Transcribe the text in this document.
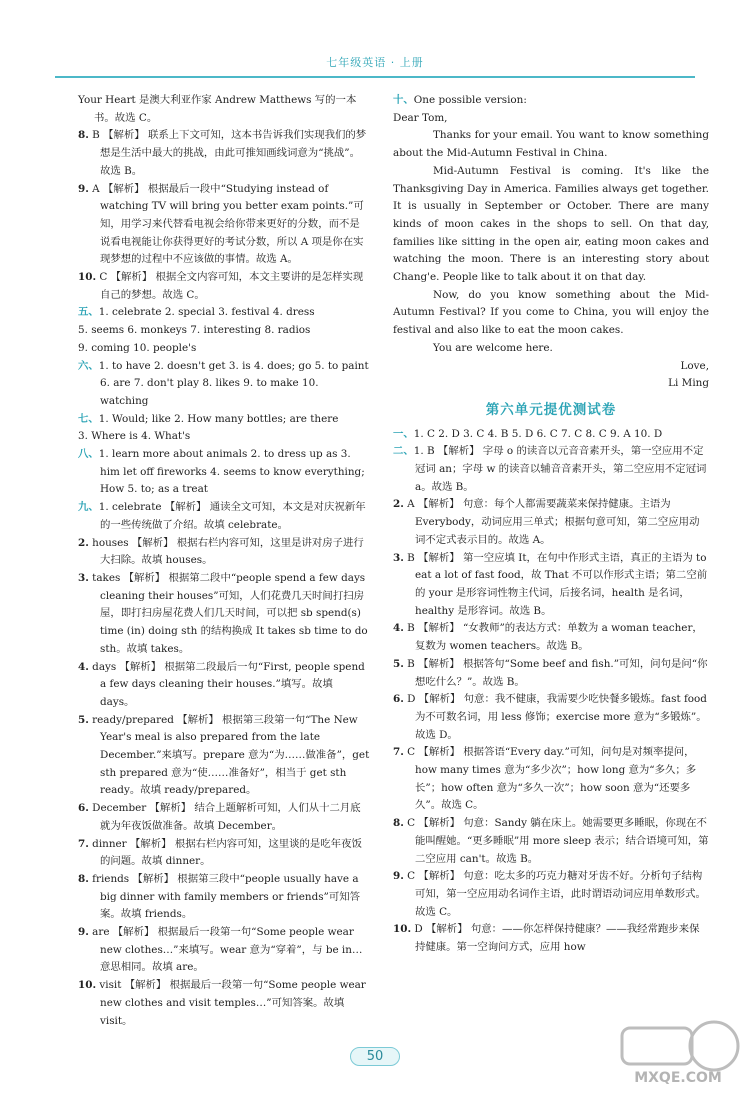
七年级英语 · 上册

Your Heart 是澳大利亚作家 Andrew Matthews 写的一本书。故选 C。

8. B 【解析】 联系上下文可知，这本书告诉我们实现我们的梦想是生活中最大的挑战，由此可推知画线词意为“挑战”。故选 B。

9. A 【解析】 根据最后一段中“Studying instead of watching TV will bring you better exam points.”可知，用学习来代替看电视会给你带来更好的分数，而不是说看电视能让你获得更好的考试分数，所以 A 项是你在实现梦想的过程中不应该做的事情。故选 A。

10. C 【解析】 根据全文内容可知，本文主要讲的是怎样实现自己的梦想。故选 C。

五、1. celebrate 2. special 3. festival 4. dress

5. seems 6. monkeys 7. interesting 8. radios

9. coming 10. people's

六、1. to have 2. doesn't get 3. is 4. does; go 5. to paint 6. are 7. don't play 8. likes 9. to make 10. watching

七、1. Would; like 2. How many bottles; are there

3. Where is 4. What's

八、1. learn more about animals 2. to dress up as 3. him let off fireworks 4. seems to know everything; How 5. to; as a treat

九、1. celebrate 【解析】 通读全文可知，本文是对庆祝新年的一些传统做了介绍。故填 celebrate。

2. houses 【解析】 根据右栏内容可知，这里是讲对房子进行大扫除。故填 houses。

3. takes 【解析】 根据第二段中“people spend a few days cleaning their houses”可知，人们花费几天时间打扫房屋，即打扫房屋花费人们几天时间，可以把 sb spend(s) time (in) doing sth 的结构换成 It takes sb time to do sth。故填 takes。

4. days 【解析】 根据第二段最后一句“First, people spend a few days cleaning their houses.”填写。故填 days。

5. ready/prepared 【解析】 根据第三段第一句“The New Year's meal is also prepared from the late December.”来填写。prepare 意为“为……做准备”，get sth prepared 意为“使……准备好”，相当于 get sth ready。故填 ready/prepared。

6. December 【解析】 结合上题解析可知，人们从十二月底就为年夜饭做准备。故填 December。

7. dinner 【解析】 根据右栏内容可知，这里谈的是吃年夜饭的问题。故填 dinner。

8. friends 【解析】 根据第三段中“people usually have a big dinner with family members or friends”可知答案。故填 friends。

9. are 【解析】 根据最后一段第一句“Some people wear new clothes…”来填写。wear 意为“穿着”，与 be in…意思相同。故填 are。

10. visit 【解析】 根据最后一段第一句“Some people wear new clothes and visit temples…”可知答案。故填 visit。

十、One possible version:

Dear Tom,

Thanks for your email. You want to know something about the Mid-Autumn Festival in China.

Mid-Autumn Festival is coming. It's like the Thanksgiving Day in America. Families always get together. It is usually in September or October. There are many kinds of moon cakes in the shops to sell. On that day, families like sitting in the open air, eating moon cakes and watching the moon. There is an interesting story about Chang'e. People like to talk about it on that day.

Now, do you know something about the Mid-Autumn Festival? If you come to China, you will enjoy the festival and also like to eat the moon cakes.

You are welcome here.

Love,

Li Ming

第六单元提优测试卷

一、1. C 2. D 3. C 4. B 5. D 6. C 7. C 8. C 9. A 10. D

二、1. B 【解析】 字母 o 的读音以元音音素开头，第一空应用不定冠词 an；字母 w 的读音以辅音音素开头，第二空应用不定冠词 a。故选 B。

2. A 【解析】 句意：每个人都需要蔬菜来保持健康。主语为 Everybody，动词应用三单式；根据句意可知，第二空应用动词不定式表示目的。故选 A。

3. B 【解析】 第一空应填 It，在句中作形式主语，真正的主语为 to eat a lot of fast food，故 That 不可以作形式主语；第二空前的 your 是形容词性物主代词，后接名词，health 是名词，healthy 是形容词。故选 B。

4. B 【解析】 “女教师”的表达方式：单数为 a woman teacher，复数为 women teachers。故选 B。

5. B 【解析】 根据答句“Some beef and fish.”可知，问句是问“你想吃什么？”。故选 B。

6. D 【解析】 句意：我不健康，我需要少吃快餐多锻炼。fast food 为不可数名词，用 less 修饰；exercise more 意为“多锻炼”。故选 D。

7. C 【解析】 根据答语“Every day.”可知，问句是对频率提问，how many times 意为“多少次”；how long 意为“多久；多长”；how often 意为“多久一次”；how soon 意为“还要多久”。故选 C。

8. C 【解析】 句意：Sandy 躺在床上。她需要更多睡眠，你现在不能叫醒她。“更多睡眠”用 more sleep 表示；结合语境可知，第二空应用 can't。故选 B。

9. C 【解析】 句意：吃太多的巧克力糖对牙齿不好。分析句子结构可知，第一空应用动名词作主语，此时谓语动词应用单数形式。故选 C。

10. D 【解析】 句意：——你怎样保持健康？——我经常跑步来保持健康。第一空询问方式，应用 how

50
MXQE.COM
